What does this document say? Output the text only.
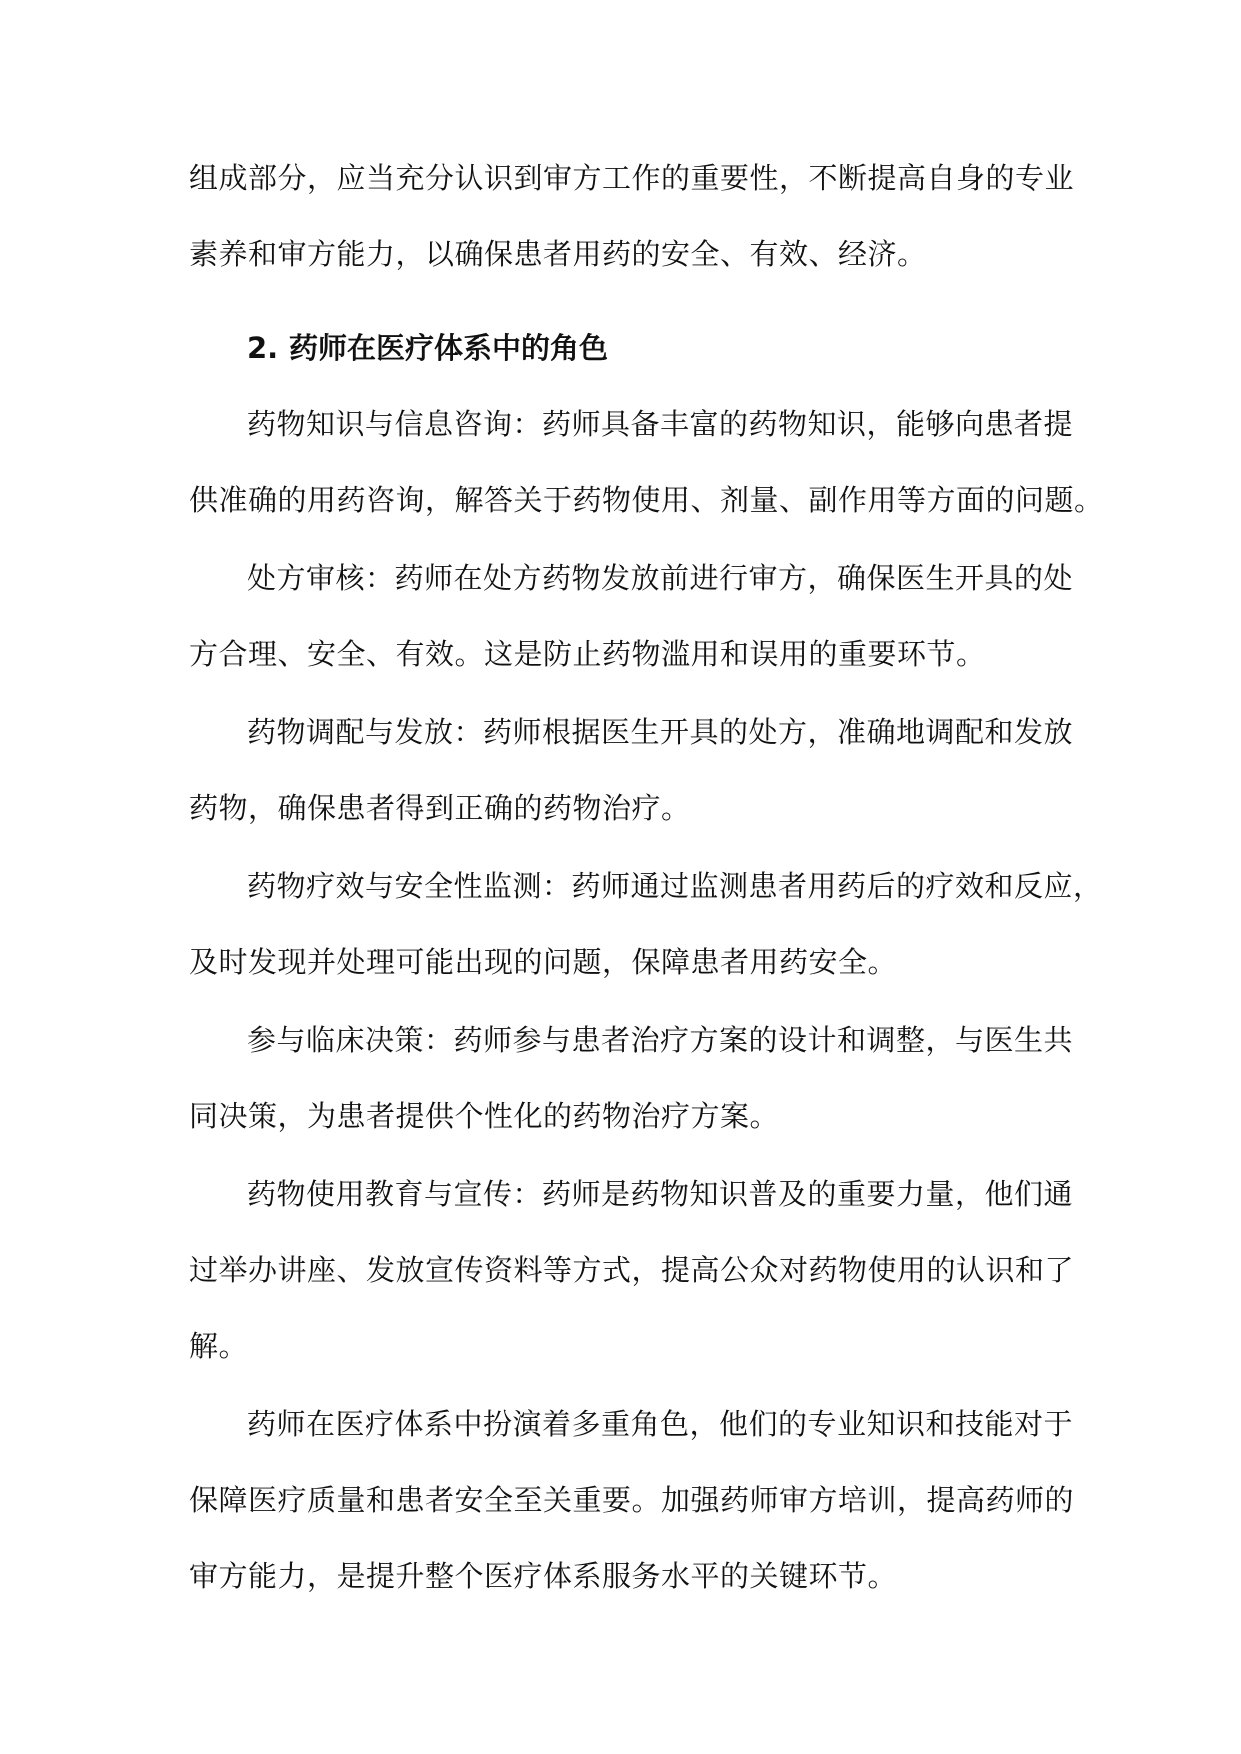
组成部分，应当充分认识到审方工作的重要性，不断提高自身的专业
素养和审方能力，以确保患者用药的安全、有效、经济。
2. 药师在医疗体系中的角色
药物知识与信息咨询：药师具备丰富的药物知识，能够向患者提
供准确的用药咨询，解答关于药物使用、剂量、副作用等方面的问题。
处方审核：药师在处方药物发放前进行审方，确保医生开具的处
方合理、安全、有效。这是防止药物滥用和误用的重要环节。
药物调配与发放：药师根据医生开具的处方，准确地调配和发放
药物，确保患者得到正确的药物治疗。
药物疗效与安全性监测：药师通过监测患者用药后的疗效和反应，
及时发现并处理可能出现的问题，保障患者用药安全。
参与临床决策：药师参与患者治疗方案的设计和调整，与医生共
同决策，为患者提供个性化的药物治疗方案。
药物使用教育与宣传：药师是药物知识普及的重要力量，他们通
过举办讲座、发放宣传资料等方式，提高公众对药物使用的认识和了
解。
药师在医疗体系中扮演着多重角色，他们的专业知识和技能对于
保障医疗质量和患者安全至关重要。加强药师审方培训，提高药师的
审方能力，是提升整个医疗体系服务水平的关键环节。
